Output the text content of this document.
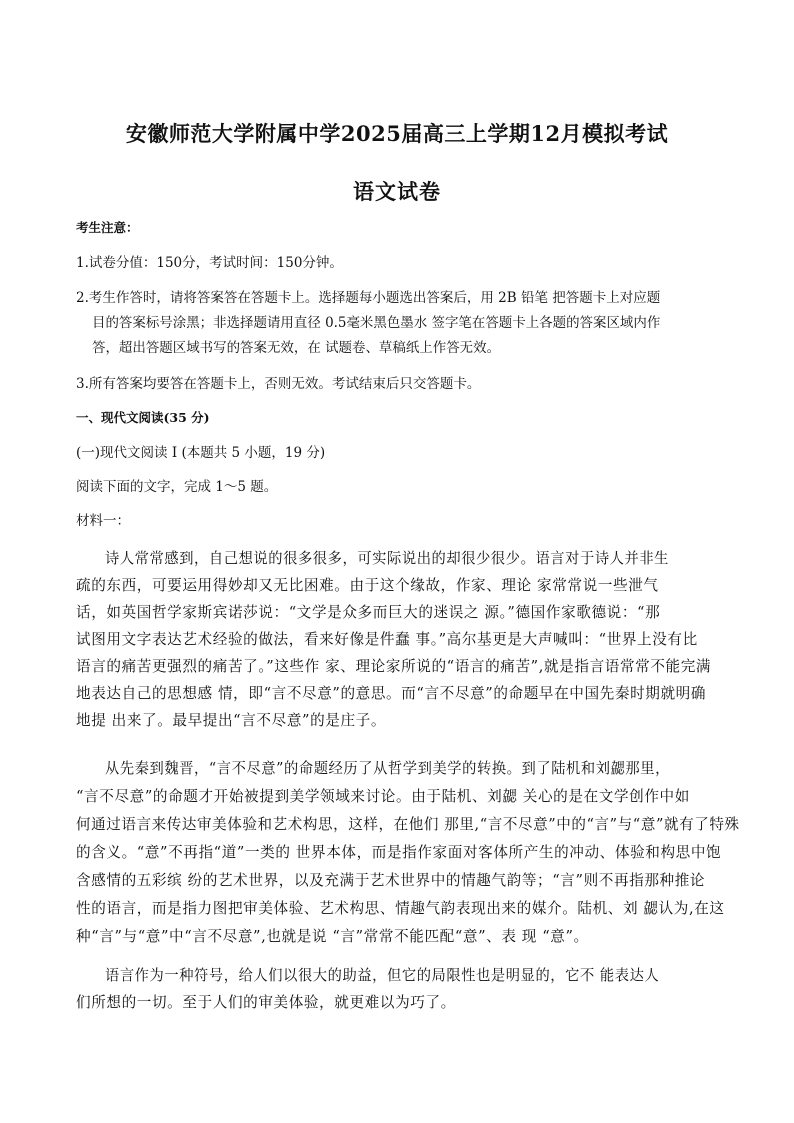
安徽师范大学附属中学2025届高三上学期12月模拟考试
语文试卷
考生注意：
1.试卷分值：150分，考试时间：150分钟。
2.考生作答时，请将答案答在答题卡上。选择题每小题选出答案后，用 2B 铅笔 把答题卡上对应题
目的答案标号涂黑；非选择题请用直径 0.5毫米黑色墨水 签字笔在答题卡上各题的答案区域内作
答，超出答题区域书写的答案无效，在 试题卷、草稿纸上作答无效。
3.所有答案均要答在答题卡上，否则无效。考试结束后只交答题卡。
一、现代文阅读(35 分)
(一)现代文阅读 I (本题共 5 小题，19 分)
阅读下面的文字，完成 1～5 题。
材料一：
诗人常常感到，自己想说的很多很多，可实际说出的却很少很少。语言对于诗人并非生
疏的东西，可要运用得妙却又无比困难。由于这个缘故，作家、理论 家常常说一些泄气
话，如英国哲学家斯宾诺莎说：“文学是众多而巨大的迷误之 源。”德国作家歌德说：“那
试图用文字表达艺术经验的做法，看来好像是件蠢 事。”高尔基更是大声喊叫：“世界上没有比
语言的痛苦更强烈的痛苦了。”这些作 家、理论家所说的“语言的痛苦”,就是指言语常常不能完满
地表达自己的思想感 情，即“言不尽意”的意思。而“言不尽意”的命题早在中国先秦时期就明确
地提 出来了。最早提出“言不尽意”的是庄子。
从先秦到魏晋，“言不尽意”的命题经历了从哲学到美学的转换。到了陆机和刘勰那里，
“言不尽意”的命题才开始被提到美学领域来讨论。由于陆机、刘勰 关心的是在文学创作中如
何通过语言来传达审美体验和艺术构思，这样，在他们 那里,“言不尽意”中的“言”与“意”就有了特殊
的含义。“意”不再指“道”一类的 世界本体，而是指作家面对客体所产生的冲动、体验和构思中饱
含感情的五彩缤 纷的艺术世界，以及充满于艺术世界中的情趣气韵等；“言”则不再指那种推论
性的语言，而是指力图把审美体验、艺术构思、情趣气韵表现出来的媒介。陆机、刘 勰认为,在这
种“言”与“意”中“言不尽意”,也就是说 “言”常常不能匹配“意”、表 现 “意”。
语言作为一种符号，给人们以很大的助益，但它的局限性也是明显的，它不 能表达人
们所想的一切。至于人们的审美体验，就更难以为巧了。
